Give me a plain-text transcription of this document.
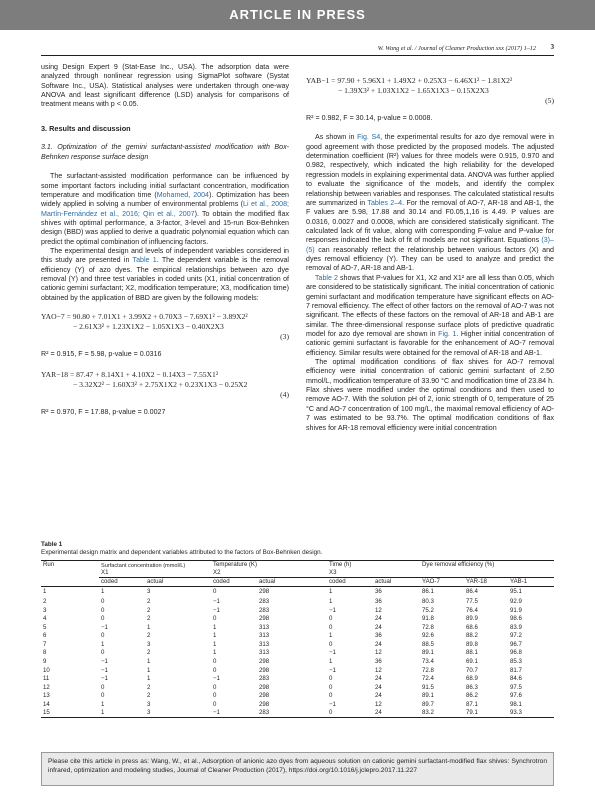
ARTICLE IN PRESS
W. Wang et al. / Journal of Cleaner Production xxx (2017) 1–12 3

using Design Expert 9 (Stat-Ease Inc., USA). The adsorption data were analyzed through nonlinear regression using SigmaPlot software (Systat Software Inc., USA). Statistical analyses were undertaken through one-way ANOVA and least significant difference (LSD) analysis for comparisons of treatment means with p < 0.05.

3. Results and discussion
3.1. Optimization of the gemini surfactant-assisted modification with Box-Behnken response surface design

The surfactant-assisted modification performance can be influenced by some important factors including initial surfactant concentration, modification temperature and modification time (Mohamed, 2004). Optimization has been widely applied in solving a number of environmental problems (Li et al., 2008; Martín-Fernández et al., 2016; Qin et al., 2007). To obtain the modified flax shives with optimal performance, a 3-factor, 3-level and 15-run Box-Behnken design (BBD) was applied to derive a quadratic polynomial equation which can predict the optimal combination of influencing factors.

The experimental design and levels of independent variables considered in this study are presented in Table 1. The dependent variable is the removal efficiency (Y) of azo dyes. The empirical relationships between azo dye removal (Y) and three test variables in coded units (X1, initial concentration of cationic gemini surfactant; X2, modification temperature; X3, modification time) obtained by the application of BBD are given by the following models:

YAO−7 = 90.80 + 7.01X1 + 3.99X2 + 0.70X3 − 7.69X1² − 3.89X2²
− 2.61X3² + 1.23X1X2 − 1.05X1X3 − 0.40X2X3
(3)
R² = 0.915, F = 5.98, p-value = 0.0316
YAR−18 = 87.47 + 8.14X1 + 4.10X2 − 0.14X3 − 7.55X1²
− 3.32X2² − 1.60X3² + 2.75X1X2 + 0.23X1X3 − 0.25X2
(4)
R² = 0.970, F = 17.88, p-value = 0.0027
YAB−1 = 97.90 + 5.96X1 + 1.49X2 + 0.25X3 − 6.46X1² − 1.81X2²
− 1.39X3² + 1.03X1X2 − 1.65X1X3 − 0.15X2X3
(5)
R² = 0.982, F = 30.14, p-value = 0.0008.

As shown in Fig. S4, the experimental results for azo dye removal were in good agreement with those predicted by the proposed models. The adjusted determination coefficient (R²) values for three models were 0.915, 0.970 and 0.982, respectively, which indicated the high reliability for the developed regression models in explaining experimental data. ANOVA was further applied to evaluate the significance of the models, and identify the complex relationship between variables and responses. The calculated statistical results are summarized in Tables 2–4. For the removal of AO-7, AR-18 and AB-1, the F values are 5.98, 17.88 and 30.14 and F0.05,1,16 is 4.49. P values are 0.0316, 0.0027 and 0.0008, which are considered statistically significant. The calculated lack of fit value, along with corresponding F-value and P-value for responses indicated the lack of fit of models are not significant. Equations (3)–(5) can reasonably reflect the relationship between various factors (X) and dyes removal efficiency (Y). They can be used to analyze and predict the removal of AO-7, AR-18 and AB-1.

Table 2 shows that P-values for X1, X2 and X1² are all less than 0.05, which are considered to be statistically significant. The initial concentration of cationic gemini surfactant and modification temperature have significant effects on AO-7 removal efficiency. The effect of other factors on the removal of AO-7 was not significant. The effects of these factors on the removal of AR-18 and AB-1 are similar. The three-dimensional response surface plots of predictive quadratic model for azo dye removal are shown in Fig. 1. Higher initial concentration of cationic gemini surfactant is favorable for the enhancement of AO-7 removal efficiency. Similar results were obtained for the removal of AR-18 and AB-1.

The optimal modification conditions of flax shives for AO-7 removal efficiency were initial concentration of cationic gemini surfactant of 2.50 mmol/L, modification temperature of 33.90 °C and modification time of 23.84 h. Flax shives were modified under the optimal conditions and then used to remove AO-7. With the solution pH of 2, ionic strength of 0, temperature of 25 °C and AO-7 concentration of 100 mg/L, the maximal removal efficiency of AO-7 was estimated to be 93.7%. The optimal modification conditions of flax shives for AR-18 removal efficiency were initial concentration

Table 1
Experimental design matrix and dependent variables attributed to the factors of Box-Behnken design.
Run	Surfactant concentration (mmol/L)		Temperature (K)		Time (h)		Dye removal efficiency (%)		
	X1		X2		X3				
	coded	actual	coded	actual	coded	actual	YAO-7	YAR-18	YAB-1
1	1	3	0	298	1	36	86.1	86.4	95.1
2	0	2	−1	283	1	36	80.3	77.5	92.9
3	0	2	−1	283	−1	12	75.2	76.4	91.9
4	0	2	0	298	0	24	91.8	89.9	98.6
5	−1	1	1	313	0	24	72.8	68.6	83.9
6	0	2	1	313	1	36	92.6	88.2	97.2
7	1	3	1	313	0	24	88.5	89.8	96.7
8	0	2	1	313	−1	12	89.1	88.1	96.8
9	−1	1	0	298	1	36	73.4	69.1	85.3
10	−1	1	0	298	−1	12	72.8	70.7	81.7
11	−1	1	−1	283	0	24	72.4	68.9	84.6
12	0	2	0	298	0	24	91.5	86.3	97.5
13	0	2	0	298	0	24	89.1	86.2	97.6
14	1	3	0	298	−1	12	89.7	87.1	98.1
15	1	3	−1	283	0	24	83.2	79.1	93.3
Please cite this article in press as: Wang, W., et al., Adsorption of anionic azo dyes from aqueous solution on cationic gemini surfactant-modified flax shives: Synchrotron infrared, optimization and modeling studies, Journal of Cleaner Production (2017), https://doi.org/10.1016/j.jclepro.2017.11.227
